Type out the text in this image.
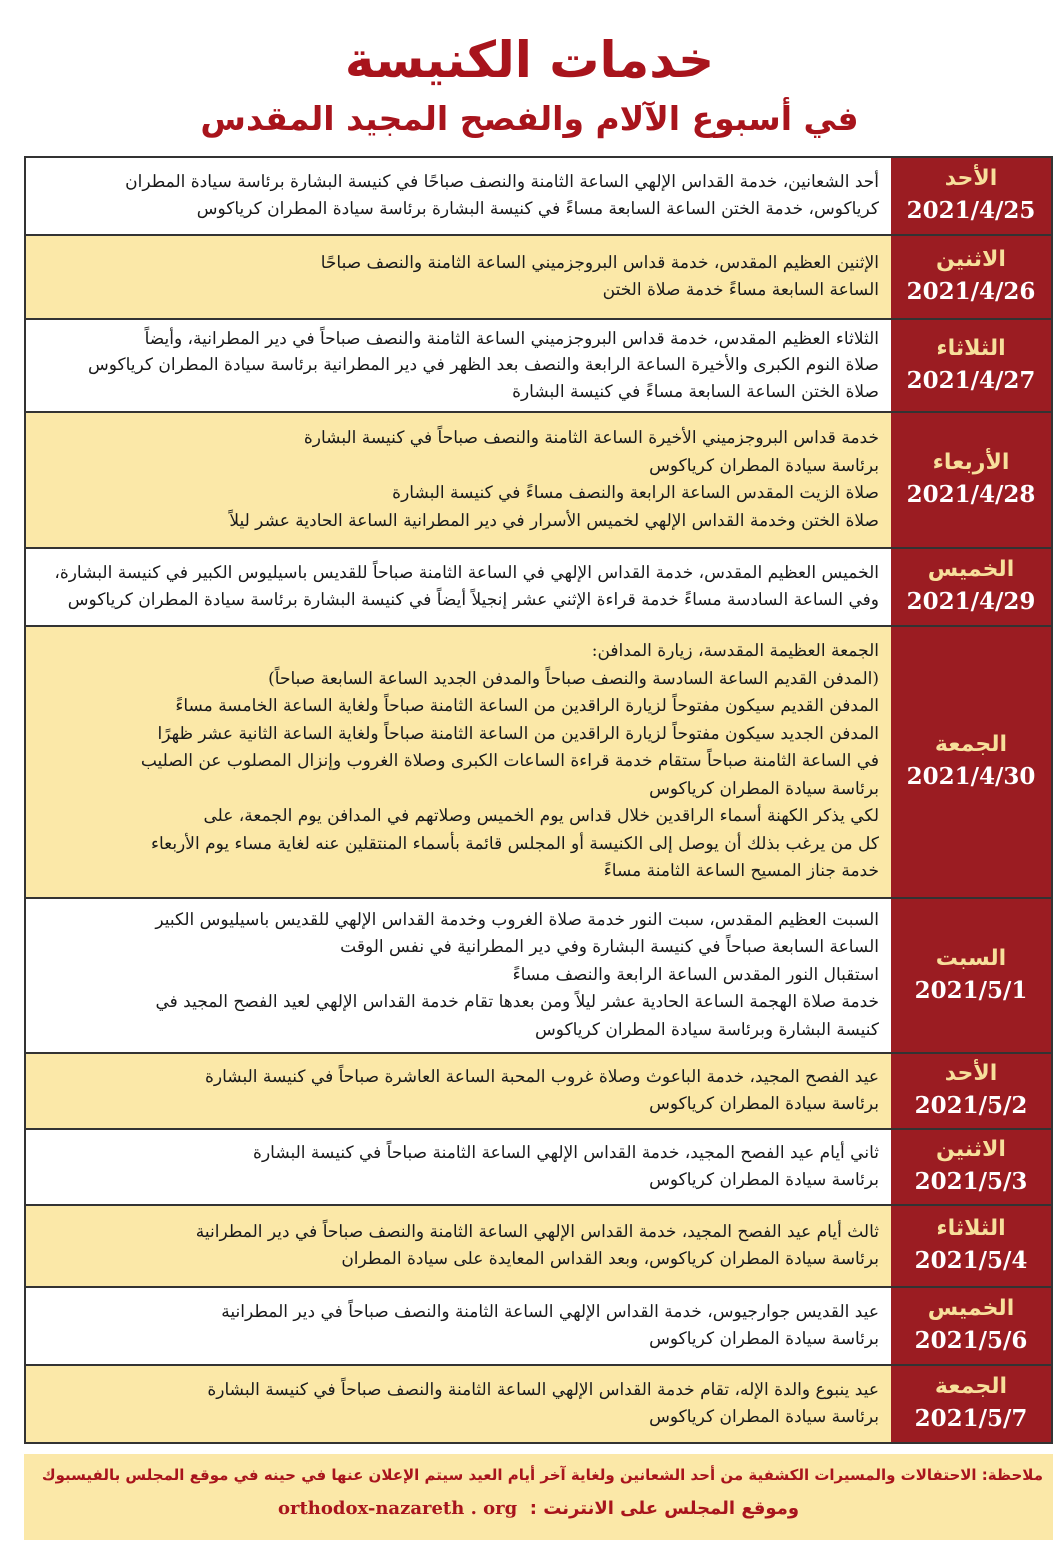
خدمات الكنيسة
في أسبوع الآلام والفصح المجيد المقدس
الأحد
2021/4/25
أحد الشعانين، خدمة القداس الإلهي الساعة الثامنة والنصف صباحًا في كنيسة البشارة برئاسة سيادة المطران
كرياكوس، خدمة الختن الساعة السابعة مساءً في كنيسة البشارة برئاسة سيادة المطران كرياكوس
الاثنين
2021/4/26
الإثنين العظيم المقدس، خدمة قداس البروجزميني الساعة الثامنة والنصف صباحًا
الساعة السابعة مساءً خدمة صلاة الختن
الثلاثاء
2021/4/27
الثلاثاء العظيم المقدس، خدمة قداس البروجزميني الساعة الثامنة والنصف صباحاً في دير المطرانية، وأيضاً
صلاة النوم الكبرى والأخيرة الساعة الرابعة والنصف بعد الظهر في دير المطرانية برئاسة سيادة المطران كرياكوس
صلاة الختن الساعة السابعة مساءً في كنيسة البشارة
الأربعاء
2021/4/28
خدمة قداس البروجزميني الأخيرة الساعة الثامنة والنصف صباحاً في كنيسة البشارة
برئاسة سيادة المطران كرياكوس
صلاة الزيت المقدس الساعة الرابعة والنصف مساءً في كنيسة البشارة
صلاة الختن وخدمة القداس الإلهي لخميس الأسرار في دير المطرانية الساعة الحادية عشر ليلاً
الخميس
2021/4/29
الخميس العظيم المقدس، خدمة القداس الإلهي في الساعة الثامنة صباحاً للقديس باسيليوس الكبير في كنيسة البشارة،
وفي الساعة السادسة مساءً خدمة قراءة الإثني عشر إنجيلاً أيضاً في كنيسة البشارة برئاسة سيادة المطران كرياكوس
الجمعة
2021/4/30
الجمعة العظيمة المقدسة، زيارة المدافن:
(المدفن القديم الساعة السادسة والنصف صباحاً والمدفن الجديد الساعة السابعة صباحاً)
المدفن القديم سيكون مفتوحاً لزيارة الراقدين من الساعة الثامنة صباحاً ولغاية الساعة الخامسة مساءً
المدفن الجديد سيكون مفتوحاً لزيارة الراقدين من الساعة الثامنة صباحاً ولغاية الساعة الثانية عشر ظهرًا
في الساعة الثامنة صباحاً ستقام خدمة قراءة الساعات الكبرى وصلاة الغروب وإنزال المصلوب عن الصليب
برئاسة سيادة المطران كرياكوس
لكي يذكر الكهنة أسماء الراقدين خلال قداس يوم الخميس وصلاتهم في المدافن يوم الجمعة، على
كل من يرغب بذلك أن يوصل إلى الكنيسة أو المجلس قائمة بأسماء المنتقلين عنه لغاية مساء يوم الأربعاء
خدمة جناز المسيح الساعة الثامنة مساءً
السبت
2021/5/1
السبت العظيم المقدس، سبت النور خدمة صلاة الغروب وخدمة القداس الإلهي للقديس باسيليوس الكبير
الساعة السابعة صباحاً في كنيسة البشارة وفي دير المطرانية في نفس الوقت
استقبال النور المقدس الساعة الرابعة والنصف مساءً
خدمة صلاة الهجمة الساعة الحادية عشر ليلاً ومن بعدها تقام خدمة القداس الإلهي لعيد الفصح المجيد في
كنيسة البشارة وبرئاسة سيادة المطران كرياكوس
الأحد
2021/5/2
عيد الفصح المجيد، خدمة الباعوث وصلاة غروب المحبة الساعة العاشرة صباحاً في كنيسة البشارة
برئاسة سيادة المطران كرياكوس
الاثنين
2021/5/3
ثاني أيام عيد الفصح المجيد، خدمة القداس الإلهي الساعة الثامنة صباحاً في كنيسة البشارة
برئاسة سيادة المطران كرياكوس
الثلاثاء
2021/5/4
ثالث أيام عيد الفصح المجيد، خدمة القداس الإلهي الساعة الثامنة والنصف صباحاً في دير المطرانية
برئاسة سيادة المطران كرياكوس، وبعد القداس المعايدة على سيادة المطران
الخميس
2021/5/6
عيد القديس جوارجيوس، خدمة القداس الإلهي الساعة الثامنة والنصف صباحاً في دير المطرانية
برئاسة سيادة المطران كرياكوس
الجمعة
2021/5/7
عيد ينبوع والدة الإله، تقام خدمة القداس الإلهي الساعة الثامنة والنصف صباحاً في كنيسة البشارة
برئاسة سيادة المطران كرياكوس
ملاحظة: الاحتفالات والمسيرات الكشفية من أحد الشعانين ولغاية آخر أيام العيد سيتم الإعلان عنها في حينه في موقع المجلس بالفيسبوك
وموقع المجلس على الانترنت :  orthodox-nazareth . org
